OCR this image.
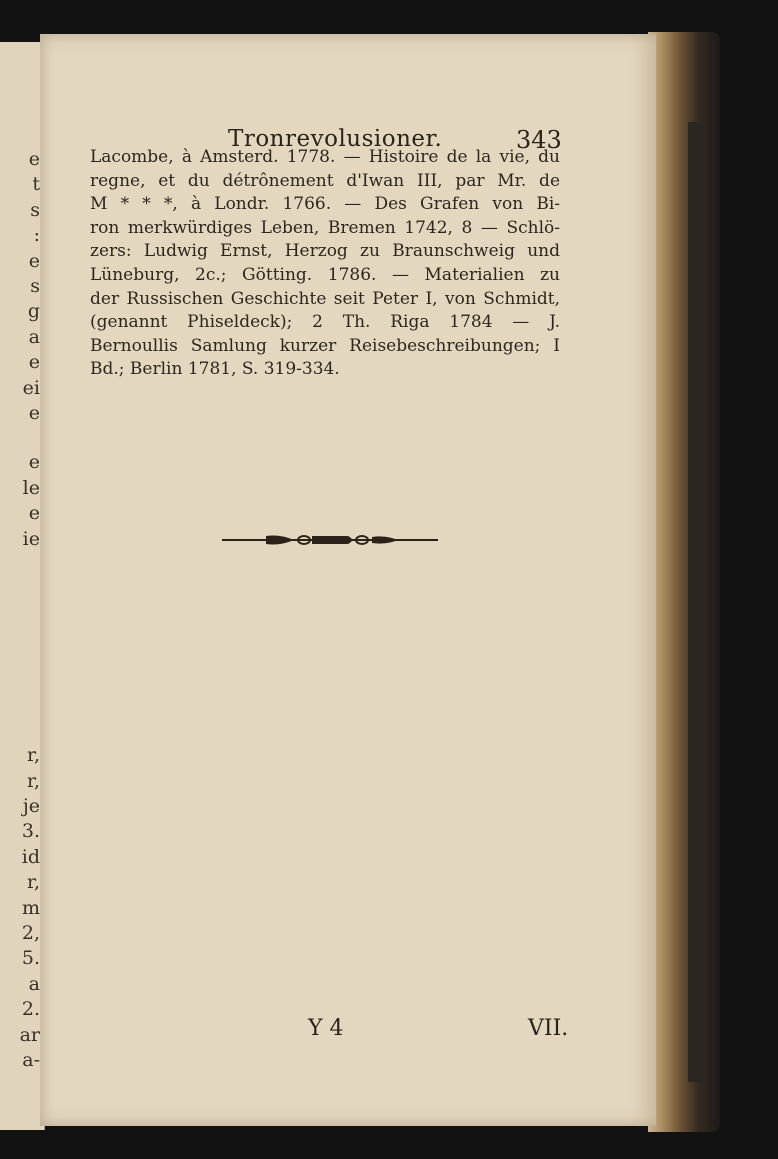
e
t
s
:
e
s
g
a
e
ei
e
e
le
e
ie
r,
r,
je
3.
id
r,
m
2,
5.
a
2.
ar
a-
Tronrevolusioner.	343

Lacombe, à Amsterd. 1778. — Histoire de la vie, du
regne, et du détrônement d'Iwan III, par Mr. de
M * * *, à Londr. 1766. — Des Grafen von Bi-
ron merkwürdiges Leben, Bremen 1742, 8 — Schlö-
zers: Ludwig Ernst, Herzog zu Braunschweig und
Lüneburg, 2c.; Götting. 1786. — Materialien zu
der Russischen Geschichte seit Peter I, von Schmidt,
(genannt Phiseldeck); 2 Th. Riga 1784 — J.
Bernoullis Samlung kurzer Reisebeschreibungen; I
Bd.; Berlin 1781, S. 319-334.

Y 4	VII.
